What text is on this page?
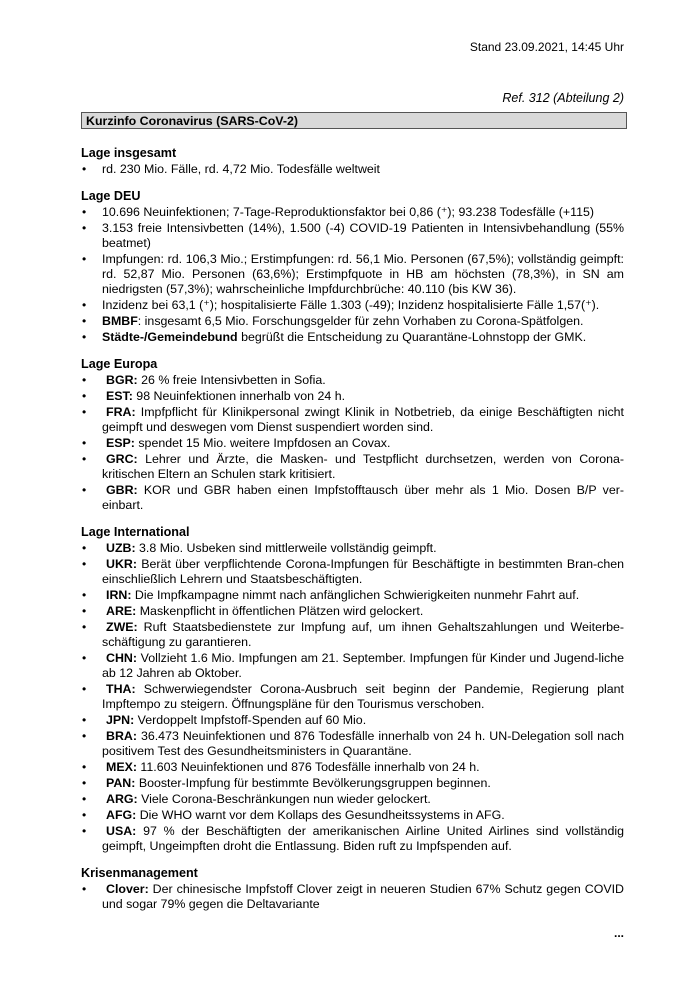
Stand 23.09.2021, 14:45 Uhr
Ref. 312 (Abteilung 2)
Kurzinfo Coronavirus (SARS-CoV-2)
Lage insgesamt
• rd. 230 Mio. Fälle, rd. 4,72 Mio. Todesfälle weltweit
Lage DEU
• 10.696 Neuinfektionen; 7-Tage-Reproduktionsfaktor bei 0,86 (⁺); 93.238 Todesfälle (+115)
• 3.153 freie Intensivbetten (14%), 1.500 (-4) COVID-19 Patienten in Intensivbehandlung (55% beatmet)
• Impfungen: rd. 106,3 Mio.; Erstimpfungen: rd. 56,1 Mio. Personen (67,5%); vollständig geimpft: rd. 52,87 Mio. Personen (63,6%); Erstimpfquote in HB am höchsten (78,3%), in SN am niedrigsten (57,3%); wahrscheinliche Impfdurchbrüche: 40.110 (bis KW 36).
• Inzidenz bei 63,1 (⁺); hospitalisierte Fälle 1.303 (-49); Inzidenz hospitalisierte Fälle 1,57(⁺).
• BMBF: insgesamt 6,5 Mio. Forschungsgelder für zehn Vorhaben zu Corona-Spätfolgen.
• Städte-/Gemeindebund begrüßt die Entscheidung zu Quarantäne-Lohnstopp der GMK.
Lage Europa
• BGR: 26 % freie Intensivbetten in Sofia.
• EST: 98 Neuinfektionen innerhalb von 24 h.
• FRA: Impfpflicht für Klinikpersonal zwingt Klinik in Notbetrieb, da einige Beschäftigten nicht geimpft und deswegen vom Dienst suspendiert worden sind.
• ESP: spendet 15 Mio. weitere Impfdosen an Covax.
• GRC: Lehrer und Ärzte, die Masken- und Testpflicht durchsetzen, werden von Corona-kritischen Eltern an Schulen stark kritisiert.
• GBR: KOR und GBR haben einen Impfstofftausch über mehr als 1 Mio. Dosen B/P ver-einbart.
Lage International
• UZB: 3.8 Mio. Usbeken sind mittlerweile vollständig geimpft.
• UKR: Berät über verpflichtende Corona-Impfungen für Beschäftigte in bestimmten Bran-chen einschließlich Lehrern und Staatsbeschäftigten.
• IRN: Die Impfkampagne nimmt nach anfänglichen Schwierigkeiten nunmehr Fahrt auf.
• ARE: Maskenpflicht in öffentlichen Plätzen wird gelockert.
• ZWE: Ruft Staatsbedienstete zur Impfung auf, um ihnen Gehaltszahlungen und Weiterbe-schäftigung zu garantieren.
• CHN: Vollzieht 1.6 Mio. Impfungen am 21. September. Impfungen für Kinder und Jugend-liche ab 12 Jahren ab Oktober.
• THA: Schwerwiegendster Corona-Ausbruch seit beginn der Pandemie, Regierung plant Impftempo zu steigern. Öffnungspläne für den Tourismus verschoben.
• JPN: Verdoppelt Impfstoff-Spenden auf 60 Mio.
• BRA: 36.473 Neuinfektionen und 876 Todesfälle innerhalb von 24 h. UN-Delegation soll nach positivem Test des Gesundheitsministers in Quarantäne.
• MEX: 11.603 Neuinfektionen und 876 Todesfälle innerhalb von 24 h.
• PAN: Booster-Impfung für bestimmte Bevölkerungsgruppen beginnen.
• ARG: Viele Corona-Beschränkungen nun wieder gelockert.
• AFG: Die WHO warnt vor dem Kollaps des Gesundheitssystems in AFG.
• USA: 97 % der Beschäftigten der amerikanischen Airline United Airlines sind vollständig geimpft, Ungeimpften droht die Entlassung. Biden ruft zu Impfspenden auf.
Krisenmanagement
• Clover: Der chinesische Impfstoff Clover zeigt in neueren Studien 67% Schutz gegen COVID und sogar 79% gegen die Deltavariante
...
